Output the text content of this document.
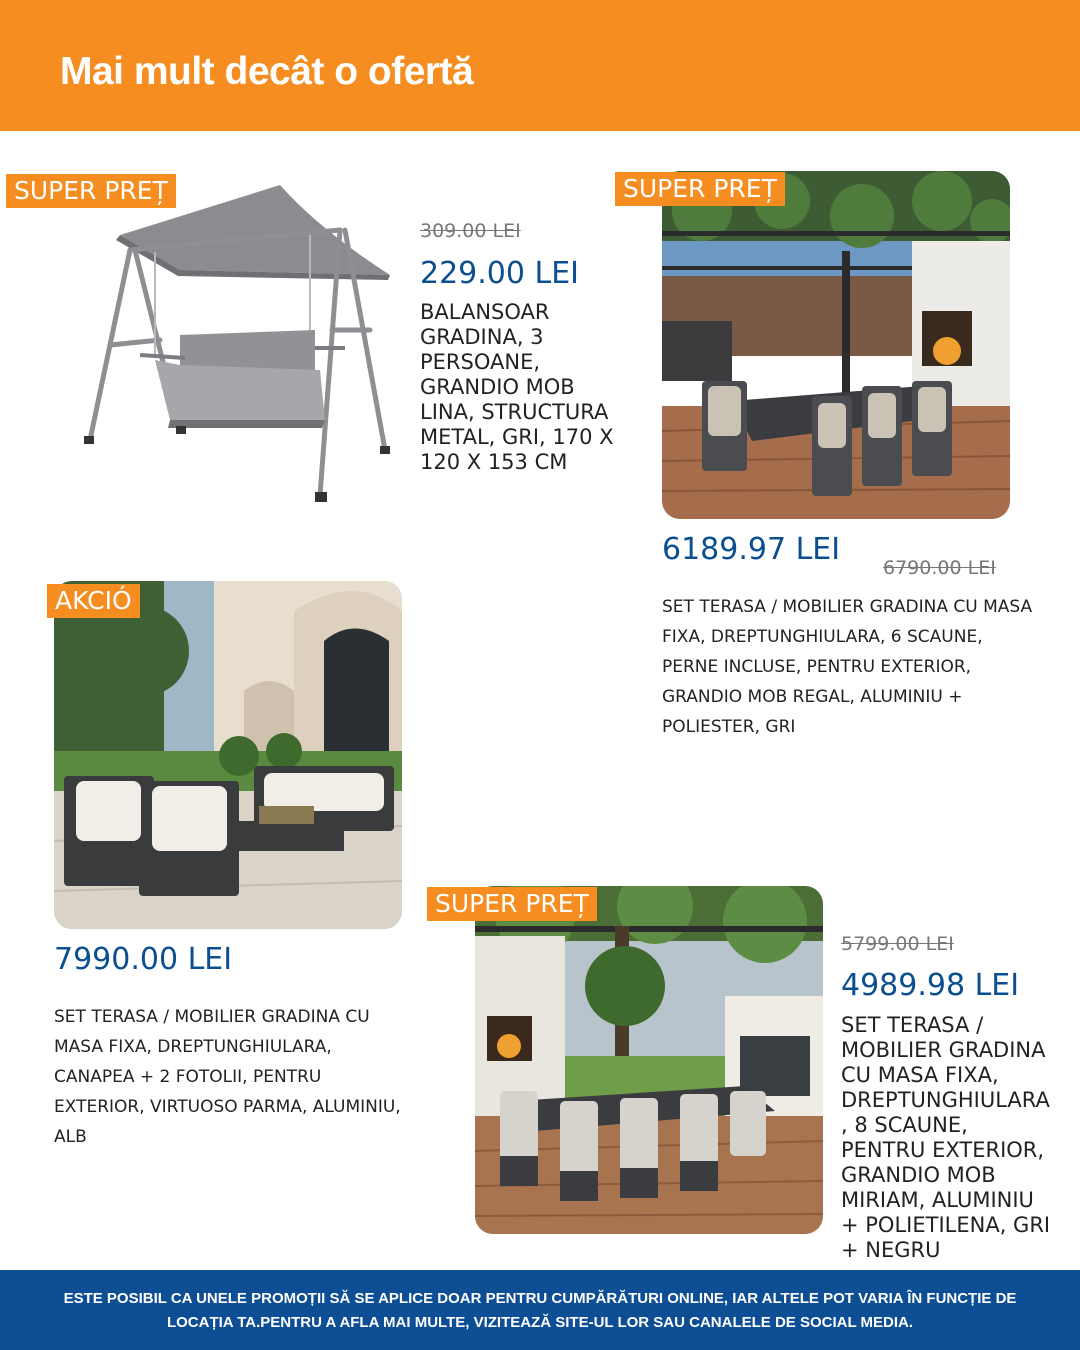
Mai mult decât o ofertă
SUPER PREȚ
309.00 LEI
229.00 LEI

BALANSOAR GRADINA, 3 PERSOANE, GRANDIO MOB LINA, STRUCTURA METAL, GRI, 170 X 120 X 153 CM

SUPER PREȚ
6189.97 LEI
6790.00 LEI

SET TERASA / MOBILIER GRADINA CU MASA FIXA, DREPTUNGHIULARA, 6 SCAUNE, PERNE INCLUSE, PENTRU EXTERIOR, GRANDIO MOB REGAL, ALUMINIU + POLIESTER, GRI

AKCIÓ
7990.00 LEI

SET TERASA / MOBILIER GRADINA CU MASA FIXA, DREPTUNGHIULARA, CANAPEA + 2 FOTOLII, PENTRU EXTERIOR, VIRTUOSO PARMA, ALUMINIU, ALB

SUPER PREȚ
5799.00 LEI
4989.98 LEI

SET TERASA / MOBILIER GRADINA CU MASA FIXA, DREPTUNGHIULARA, 8 SCAUNE, PENTRU EXTERIOR, GRANDIO MOB MIRIAM, ALUMINIU + POLIETILENA, GRI + NEGRU

ESTE POSIBIL CA UNELE PROMOȚII SĂ SE APLICE DOAR PENTRU CUMPĂRĂTURI ONLINE, IAR ALTELE POT VARIA ÎN FUNCȚIE DE
LOCAȚIA TA.PENTRU A AFLA MAI MULTE, VIZITEAZĂ SITE-UL LOR SAU CANALELE DE SOCIAL MEDIA.
